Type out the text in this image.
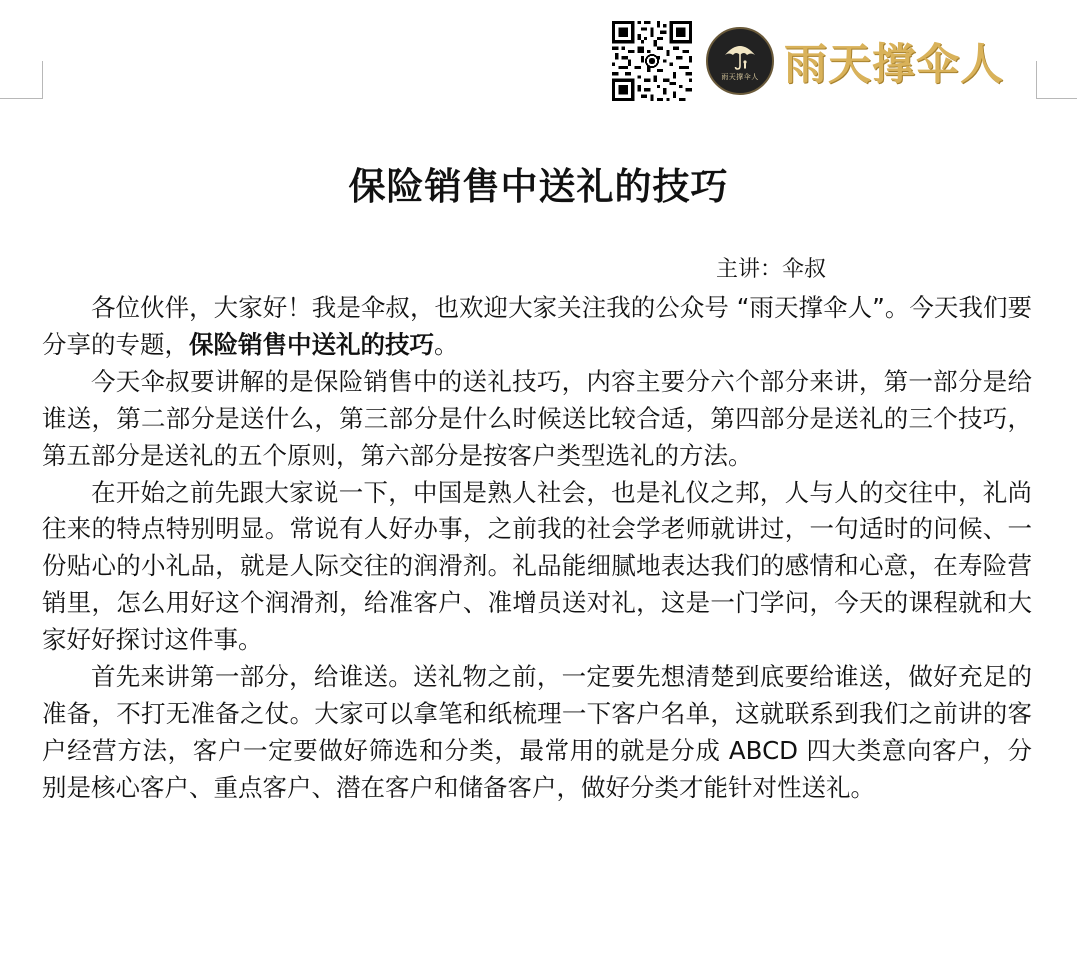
雨天撑伞人 雨天撑伞人
保险销售中送礼的技巧

主讲：伞叔

各位伙伴，大家好！我是伞叔，也欢迎大家关注我的公众号 “雨天撑伞人”。今天我们要分享的专题，保险销售中送礼的技巧。

今天伞叔要讲解的是保险销售中的送礼技巧，内容主要分六个部分来讲，第一部分是给谁送，第二部分是送什么，第三部分是什么时候送比较合适，第四部分是送礼的三个技巧，第五部分是送礼的五个原则，第六部分是按客户类型选礼的方法。

在开始之前先跟大家说一下，中国是熟人社会，也是礼仪之邦，人与人的交往中，礼尚往来的特点特别明显。常说有人好办事，之前我的社会学老师就讲过，一句适时的问候、一份贴心的小礼品，就是人际交往的润滑剂。礼品能细腻地表达我们的感情和心意，在寿险营销里，怎么用好这个润滑剂，给准客户、准增员送对礼，这是一门学问，今天的课程就和大家好好探讨这件事。

首先来讲第一部分，给谁送。送礼物之前，一定要先想清楚到底要给谁送，做好充足的准备，不打无准备之仗。大家可以拿笔和纸梳理一下客户名单，这就联系到我们之前讲的客户经营方法，客户一定要做好筛选和分类，最常用的就是分成 ABCD 四大类意向客户，分别是核心客户、重点客户、潜在客户和储备客户，做好分类才能针对性送礼。
